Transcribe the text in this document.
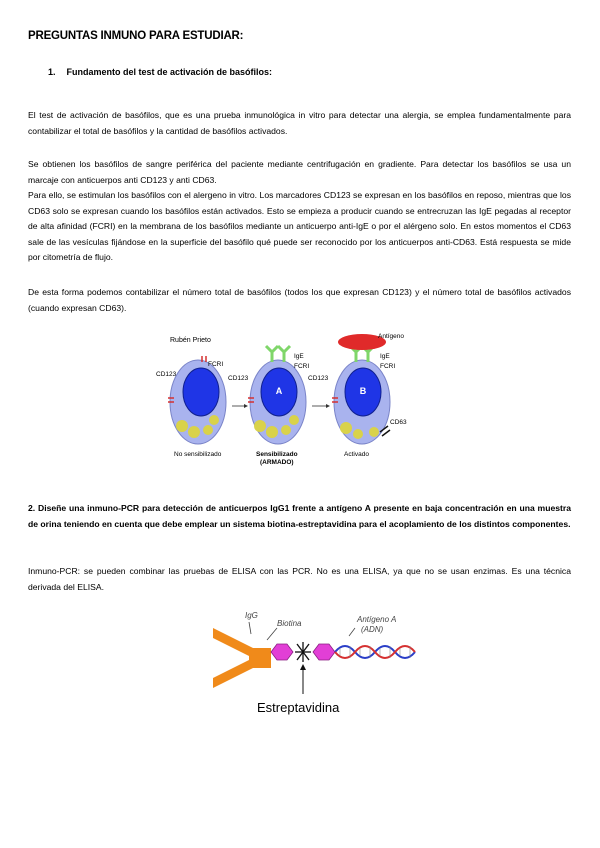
PREGUNTAS INMUNO PARA ESTUDIAR:
1. Fundamento del test de activación de basófilos:
El test de activación de basófilos, que es una prueba inmunológica in vitro para detectar una alergia, se emplea fundamentalmente para contabilizar el total de basófilos y la cantidad de basófilos activados.
Se obtienen los basófilos de sangre periférica del paciente mediante centrifugación en gradiente. Para detectar los basófilos se usa un marcaje con anticuerpos anti CD123 y anti CD63.
Para ello, se estimulan los basófilos con el alergeno in vitro. Los marcadores CD123 se expresan en los basófilos en reposo, mientras que los CD63 solo se expresan cuando los basófilos están activados. Esto se empieza a producir cuando se entrecruzan las IgE pegadas al receptor de alta afinidad (FCRI) en la membrana de los basófilos mediante un anticuerpo anti-IgE o por el alérgeno solo. En estos momentos el CD63 sale de las vesículas fijándose en la superficie del basófilo qué puede ser reconocido por los anticuerpos anti-CD63. Está respuesta se mide por citometría de flujo.
De esta forma podemos contabilizar el número total de basófilos (todos los que expresan CD123) y el número total de basófilos activados (cuando expresan CD63).
Rubén Prieto
FCRI
CD123
No sensibilizado
A
IgE
FCRI
CD123
Sensibilizado
(ARMADO)
B
Antígeno
IgE
FCRI
CD123
CD63
Activado
2. Diseñe una inmuno-PCR para detección de anticuerpos IgG1 frente a antígeno A presente en baja concentración en una muestra de orina teniendo en cuenta que debe emplear un sistema biotina-estreptavidina para el acoplamiento de los distintos componentes.
Inmuno-PCR: se pueden combinar las pruebas de ELISA con las PCR. No es una ELISA, ya que no se usan enzimas. Es una técnica derivada del ELISA.
IgG
Biotina	Antígeno A
(ADN)
Estreptavidina
